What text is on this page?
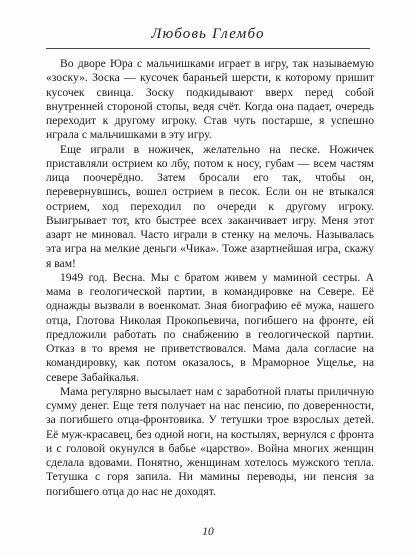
Любовь Глембо

Во дворе Юра с мальчишками играет в игру, так называемую «зоску». Зоска — кусочек бараньей шерсти, к которому пришит кусочек свинца. Зоску подкидывают вверх перед собой внутренней стороной стопы, ведя счёт. Когда она падает, очередь переходит к другому игроку. Став чуть постарше, я успешно играла с мальчишками в эту игру.

Еще играли в ножичек, желательно на песке. Ножичек приставляли острием ко лбу, потом к носу, губам — всем частям лица поочерёдно. Затем бросали его так, чтобы он, перевернувшись, вошел острием в песок. Если он не втыкался острием, ход переходил по очереди к другому игроку. Выигрывает тот, кто быстрее всех заканчивает игру. Меня этот азарт не миновал. Часто играли в стенку на мелочь. Называлась эта игра на мелкие деньги «Чика». Тоже азартнейшая игра, скажу я вам!

1949 год. Весна. Мы с братом живем у маминой сестры. А мама в геологической партии, в командировке на Севере. Её однажды вызвали в военкомат. Зная биографию её мужа, нашего отца, Глотова Николая Прокопьевича, погибшего на фронте, ей предложили работать по снабжению в геологической партии. Отказ в то время не приветствовался. Мама дала согласие на командировку, как потом оказалось, в Мраморное Ущелье, на севере Забайкалья.

Мама регулярно высылает нам с заработной платы приличную сумму денег. Еще тетя получает на нас пенсию, по доверенности, за погибшего отца-фронтовика. У тетушки трое взрослых детей. Её муж-красавец, без одной ноги, на костылях, вернулся с фронта и с головой окунулся в бабье «царство». Война многих женщин сделала вдовами. Понятно, женщинам хотелось мужского тепла. Тетушка с горя запила. Ни мамины переводы, ни пенсия за погибшего отца до нас не доходят.

10
